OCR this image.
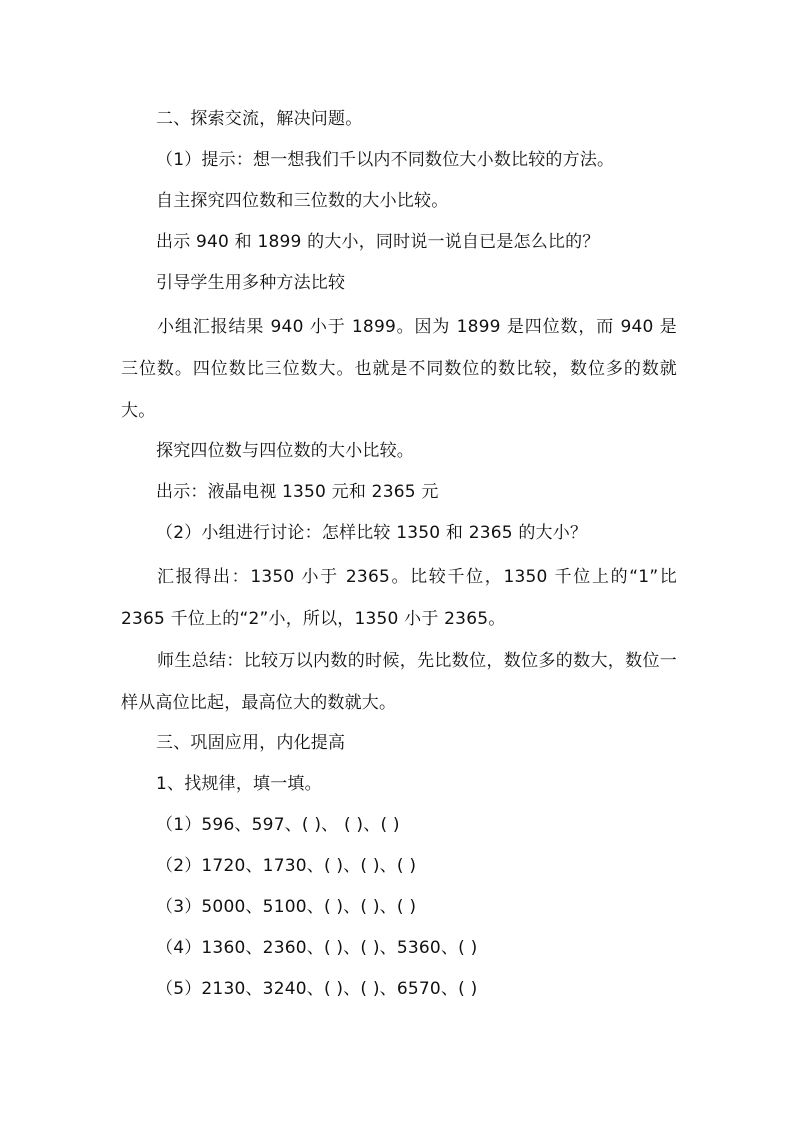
二、探索交流，解决问题。
（1）提示：想一想我们千以内不同数位大小数比较的方法。
自主探究四位数和三位数的大小比较。
出示 940 和 1899 的大小，同时说一说自已是怎么比的？
引导学生用多种方法比较
小组汇报结果 940 小于 1899。因为 1899 是四位数，而 940 是三位数。四位数比三位数大。也就是不同数位的数比较，数位多的数就大。
探究四位数与四位数的大小比较。
出示：液晶电视 1350 元和 2365 元
（2）小组进行讨论：怎样比较 1350 和 2365 的大小？
汇报得出：1350 小于 2365。比较千位，1350 千位上的“1”比 2365 千位上的“2”小，所以，1350 小于 2365。
师生总结：比较万以内数的时候，先比数位，数位多的数大，数位一样从高位比起，最高位大的数就大。
三、巩固应用，内化提高
1、找规律，填一填。
（1）596、597、( )、 ( )、( )
（2）1720、1730、( )、( )、( )
（3）5000、5100、( )、( )、( )
（4）1360、2360、( )、( )、5360、( )
（5）2130、3240、( )、( )、6570、( )
